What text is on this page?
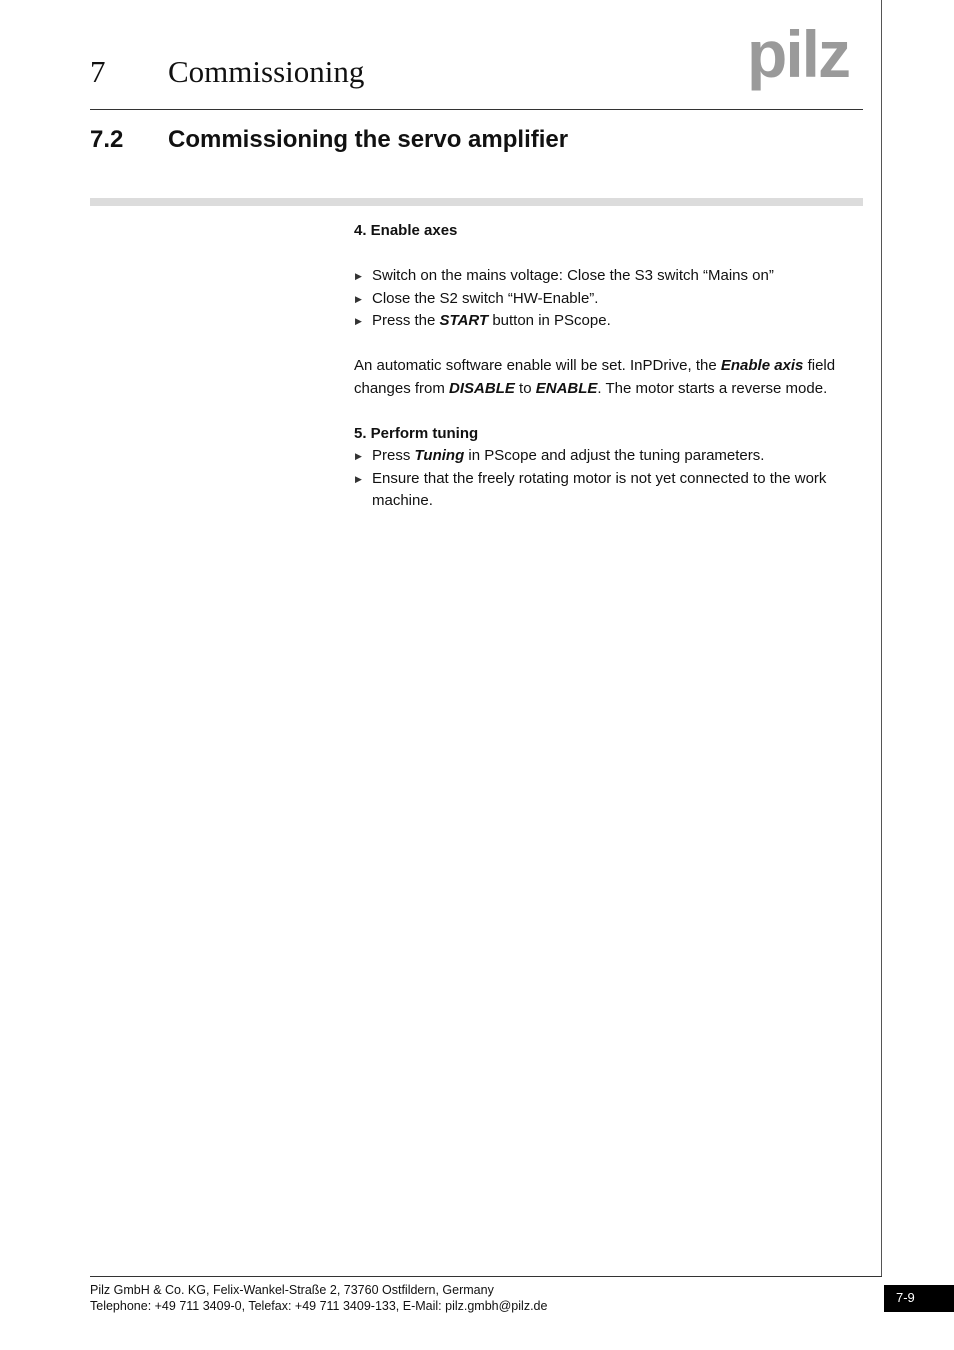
7 Commissioning	pilz
7.2 Commissioning the servo amplifier

4. Enable axes

▶ Switch on the mains voltage: Close the S3 switch “Mains on”
▶ Close the S2 switch “HW-Enable”.
▶ Press the START button in PScope.

An automatic software enable will be set. InPDrive, the Enable axis field changes from DISABLE to ENABLE. The motor starts a reverse mode.

5. Perform tuning

▶ Press Tuning in PScope and adjust the tuning parameters.
▶ Ensure that the freely rotating motor is not yet connected to the work machine.
Pilz GmbH & Co. KG, Felix-Wankel-Straße 2, 73760 Ostfildern, Germany
Telephone: +49 711 3409-0, Telefax: +49 711 3409-133, E-Mail: pilz.gmbh@pilz.de
7-9
